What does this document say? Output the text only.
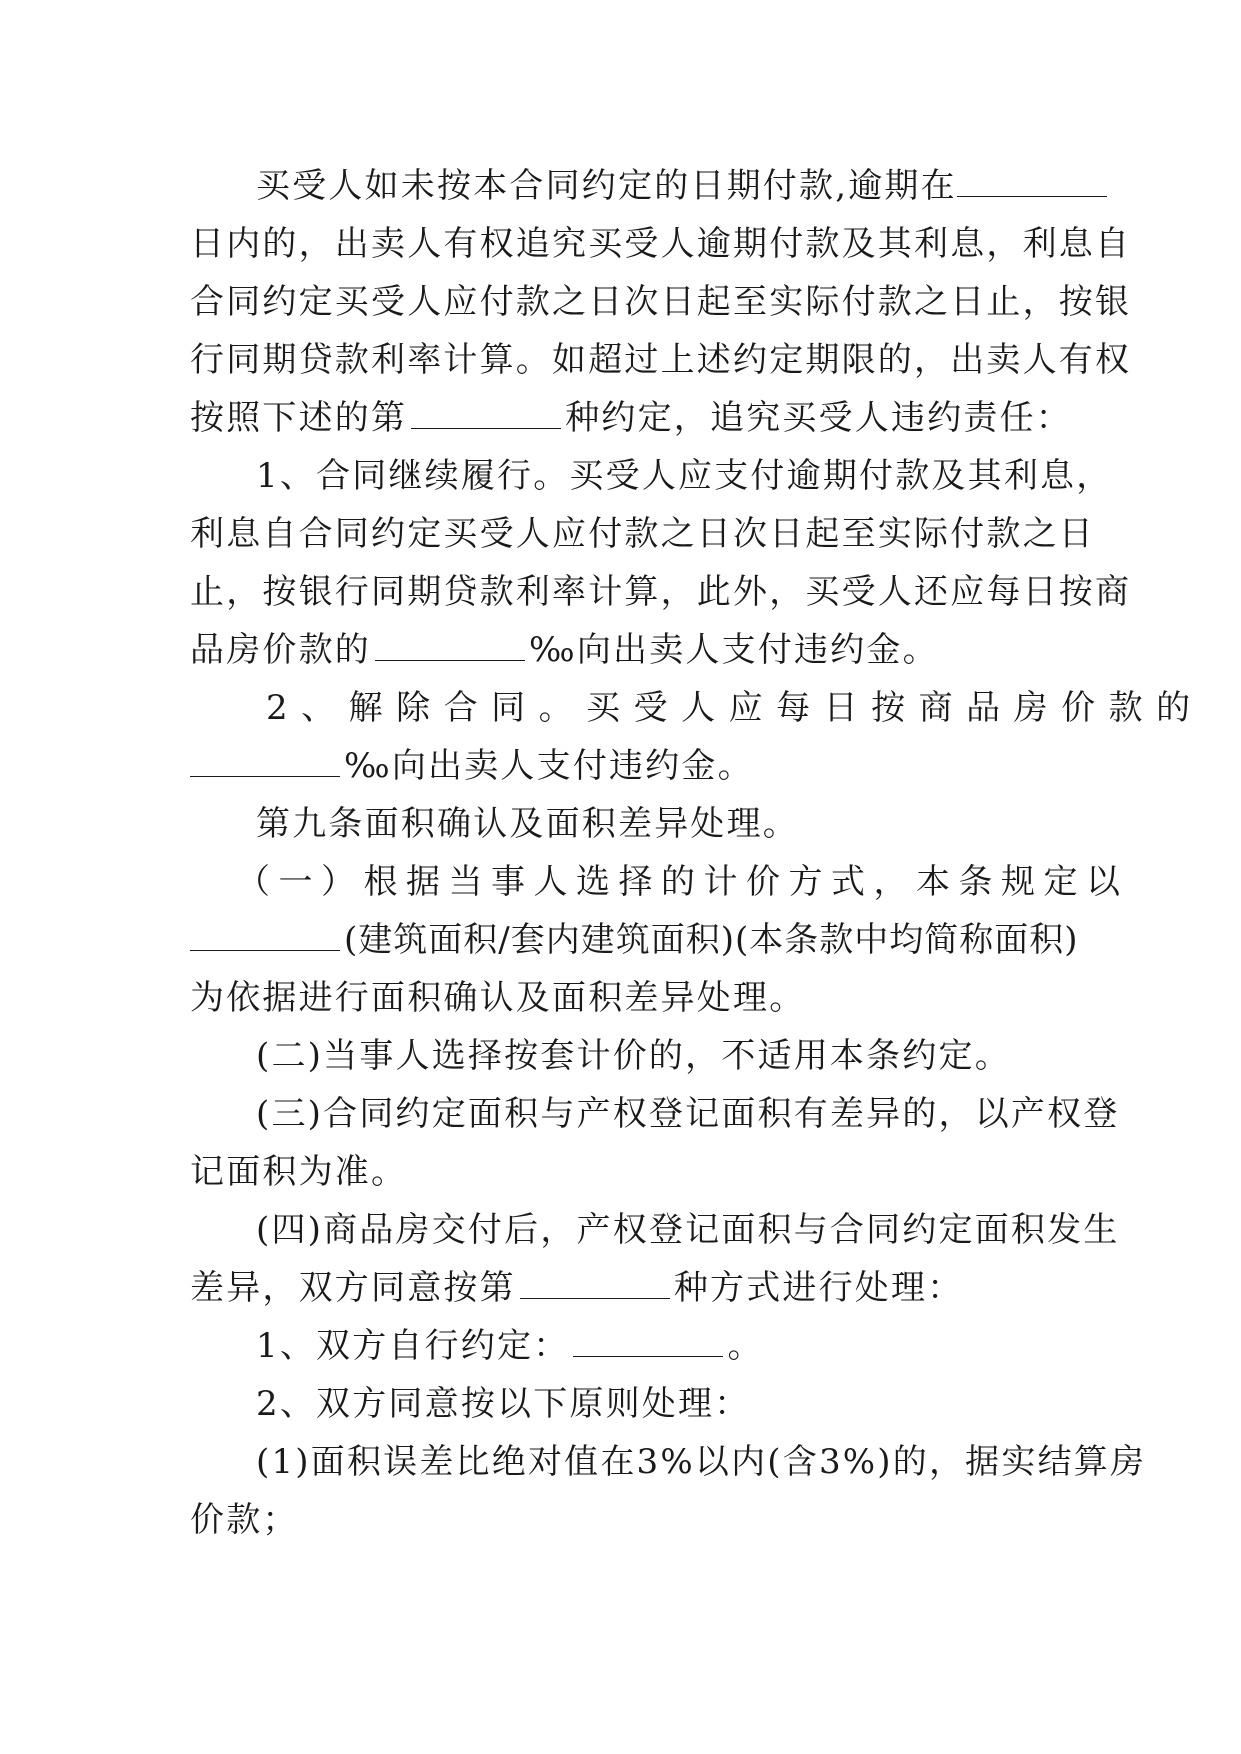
买受人如未按本合同约定的日期付款,逾期在
日内的，出卖人有权追究买受人逾期付款及其利息，利息自
合同约定买受人应付款之日次日起至实际付款之日止，按银
行同期贷款利率计算。如超过上述约定期限的，出卖人有权
按照下述的第	种约定，追究买受人违约责任：
1、合同继续履行。买受人应支付逾期付款及其利息，
利息自合同约定买受人应付款之日次日起至实际付款之日
止，按银行同期贷款利率计算，此外，买受人还应每日按商
品房价款的	‰向出卖人支付违约金。
2、解除合同。买受人应每日按商品房价款的
‰向出卖人支付违约金。
第九条面积确认及面积差异处理。
（一）根据当事人选择的计价方式，本条规定以
(建筑面积/套内建筑面积)(本条款中均简称面积)
为依据进行面积确认及面积差异处理。
(二)当事人选择按套计价的，不适用本条约定。
(三)合同约定面积与产权登记面积有差异的，以产权登
记面积为准。
(四)商品房交付后，产权登记面积与合同约定面积发生
差异，双方同意按第	种方式进行处理：
1、双方自行约定：	。
2、双方同意按以下原则处理：
(1)面积误差比绝对值在3%以内(含3%)的，据实结算房
价款；
